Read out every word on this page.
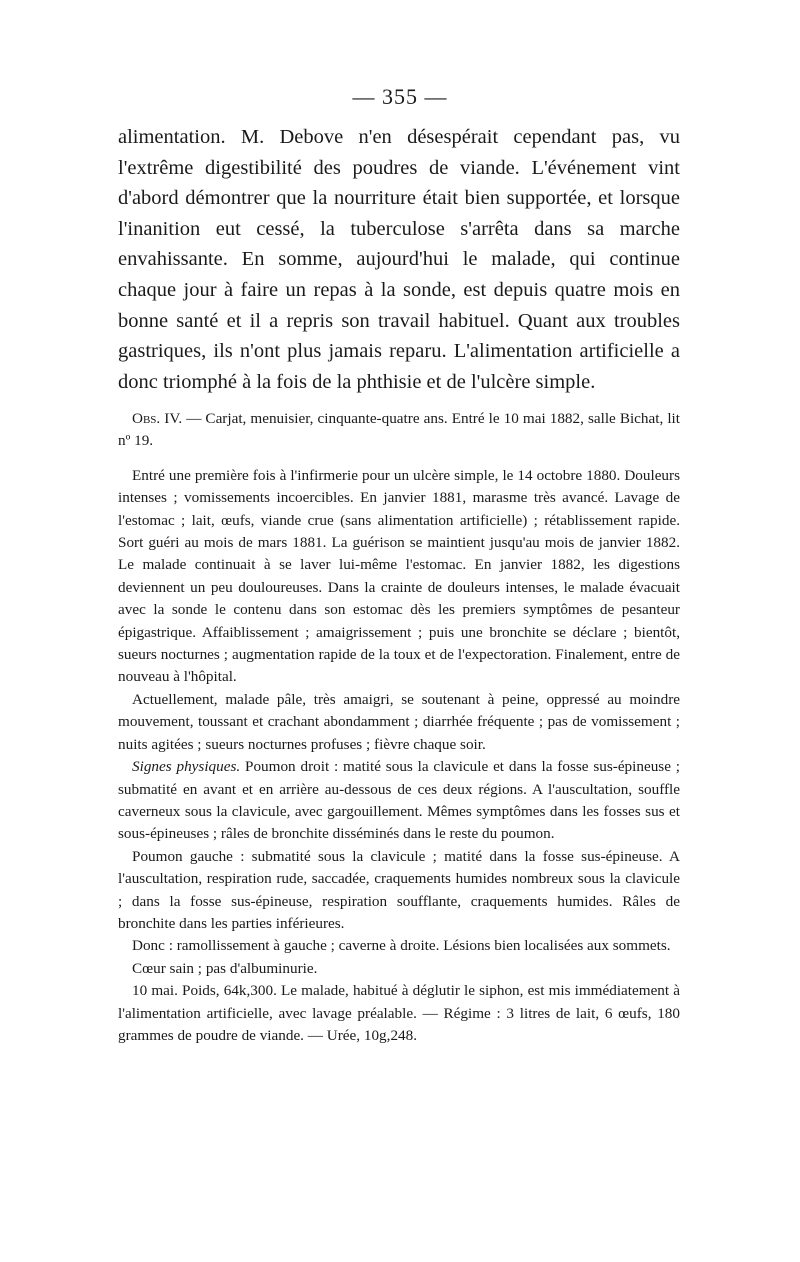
— 355 —

alimentation. M. Debove n'en désespérait cependant pas, vu l'extrême digestibilité des poudres de viande. L'événement vint d'abord démontrer que la nourriture était bien supportée, et lorsque l'inanition eut cessé, la tuberculose s'arrêta dans sa marche envahissante. En somme, aujourd'hui le malade, qui continue chaque jour à faire un repas à la sonde, est depuis quatre mois en bonne santé et il a repris son travail habituel. Quant aux troubles gastriques, ils n'ont plus jamais reparu. L'alimentation artificielle a donc triomphé à la fois de la phthisie et de l'ulcère simple.

Obs. IV. — Carjat, menuisier, cinquante-quatre ans. Entré le 10 mai 1882, salle Bichat, lit nº 19.

Entré une première fois à l'infirmerie pour un ulcère simple, le 14 octobre 1880. Douleurs intenses ; vomissements incoercibles. En janvier 1881, marasme très avancé. Lavage de l'estomac ; lait, œufs, viande crue (sans alimentation artificielle) ; rétablissement rapide. Sort guéri au mois de mars 1881. La guérison se maintient jusqu'au mois de janvier 1882. Le malade continuait à se laver lui-même l'estomac. En janvier 1882, les digestions deviennent un peu douloureuses. Dans la crainte de douleurs intenses, le malade évacuait avec la sonde le contenu dans son estomac dès les premiers symptômes de pesanteur épigastrique. Affaiblissement ; amaigrissement ; puis une bronchite se déclare ; bientôt, sueurs nocturnes ; augmentation rapide de la toux et de l'expectoration. Finalement, entre de nouveau à l'hôpital.

Actuellement, malade pâle, très amaigri, se soutenant à peine, oppressé au moindre mouvement, toussant et crachant abondamment ; diarrhée fréquente ; pas de vomissement ; nuits agitées ; sueurs nocturnes profuses ; fièvre chaque soir.

Signes physiques. Poumon droit : matité sous la clavicule et dans la fosse sus-épineuse ; submatité en avant et en arrière au-dessous de ces deux régions. A l'auscultation, souffle caverneux sous la clavicule, avec gargouillement. Mêmes symptômes dans les fosses sus et sous-épineuses ; râles de bronchite disséminés dans le reste du poumon.

Poumon gauche : submatité sous la clavicule ; matité dans la fosse sus-épineuse. A l'auscultation, respiration rude, saccadée, craquements humides nombreux sous la clavicule ; dans la fosse sus-épineuse, respiration soufflante, craquements humides. Râles de bronchite dans les parties inférieures.

Donc : ramollissement à gauche ; caverne à droite. Lésions bien localisées aux sommets.

Cœur sain ; pas d'albuminurie.

10 mai. Poids, 64k,300. Le malade, habitué à déglutir le siphon, est mis immédiatement à l'alimentation artificielle, avec lavage préalable. — Régime : 3 litres de lait, 6 œufs, 180 grammes de poudre de viande. — Urée, 10g,248.
